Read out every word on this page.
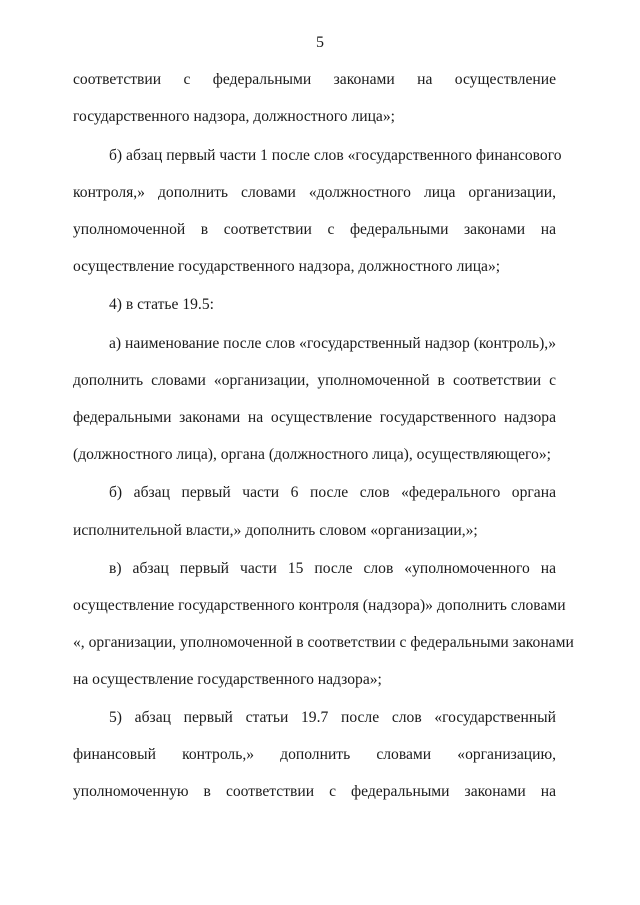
5
соответствии с федеральными законами на осуществление
государственного надзора, должностного лица»;
б) абзац первый части 1 после слов «государственного финансового
контроля,» дополнить словами «должностного лица организации,
уполномоченной в соответствии с федеральными законами на
осуществление государственного надзора, должностного лица»;
4) в статье 19.5:
а) наименование после слов «государственный надзор (контроль),»
дополнить словами «организации, уполномоченной в соответствии с
федеральными законами на осуществление государственного надзора
(должностного лица), органа (должностного лица), осуществляющего»;
б) абзац первый части 6 после слов «федерального органа
исполнительной власти,» дополнить словом «организации,»;
в) абзац первый части 15 после слов «уполномоченного на
осуществление государственного контроля (надзора)» дополнить словами
«, организации, уполномоченной в соответствии с федеральными законами
на осуществление государственного надзора»;
5) абзац первый статьи 19.7 после слов «государственный
финансовый контроль,» дополнить словами «организацию,
уполномоченную в соответствии с федеральными законами на
